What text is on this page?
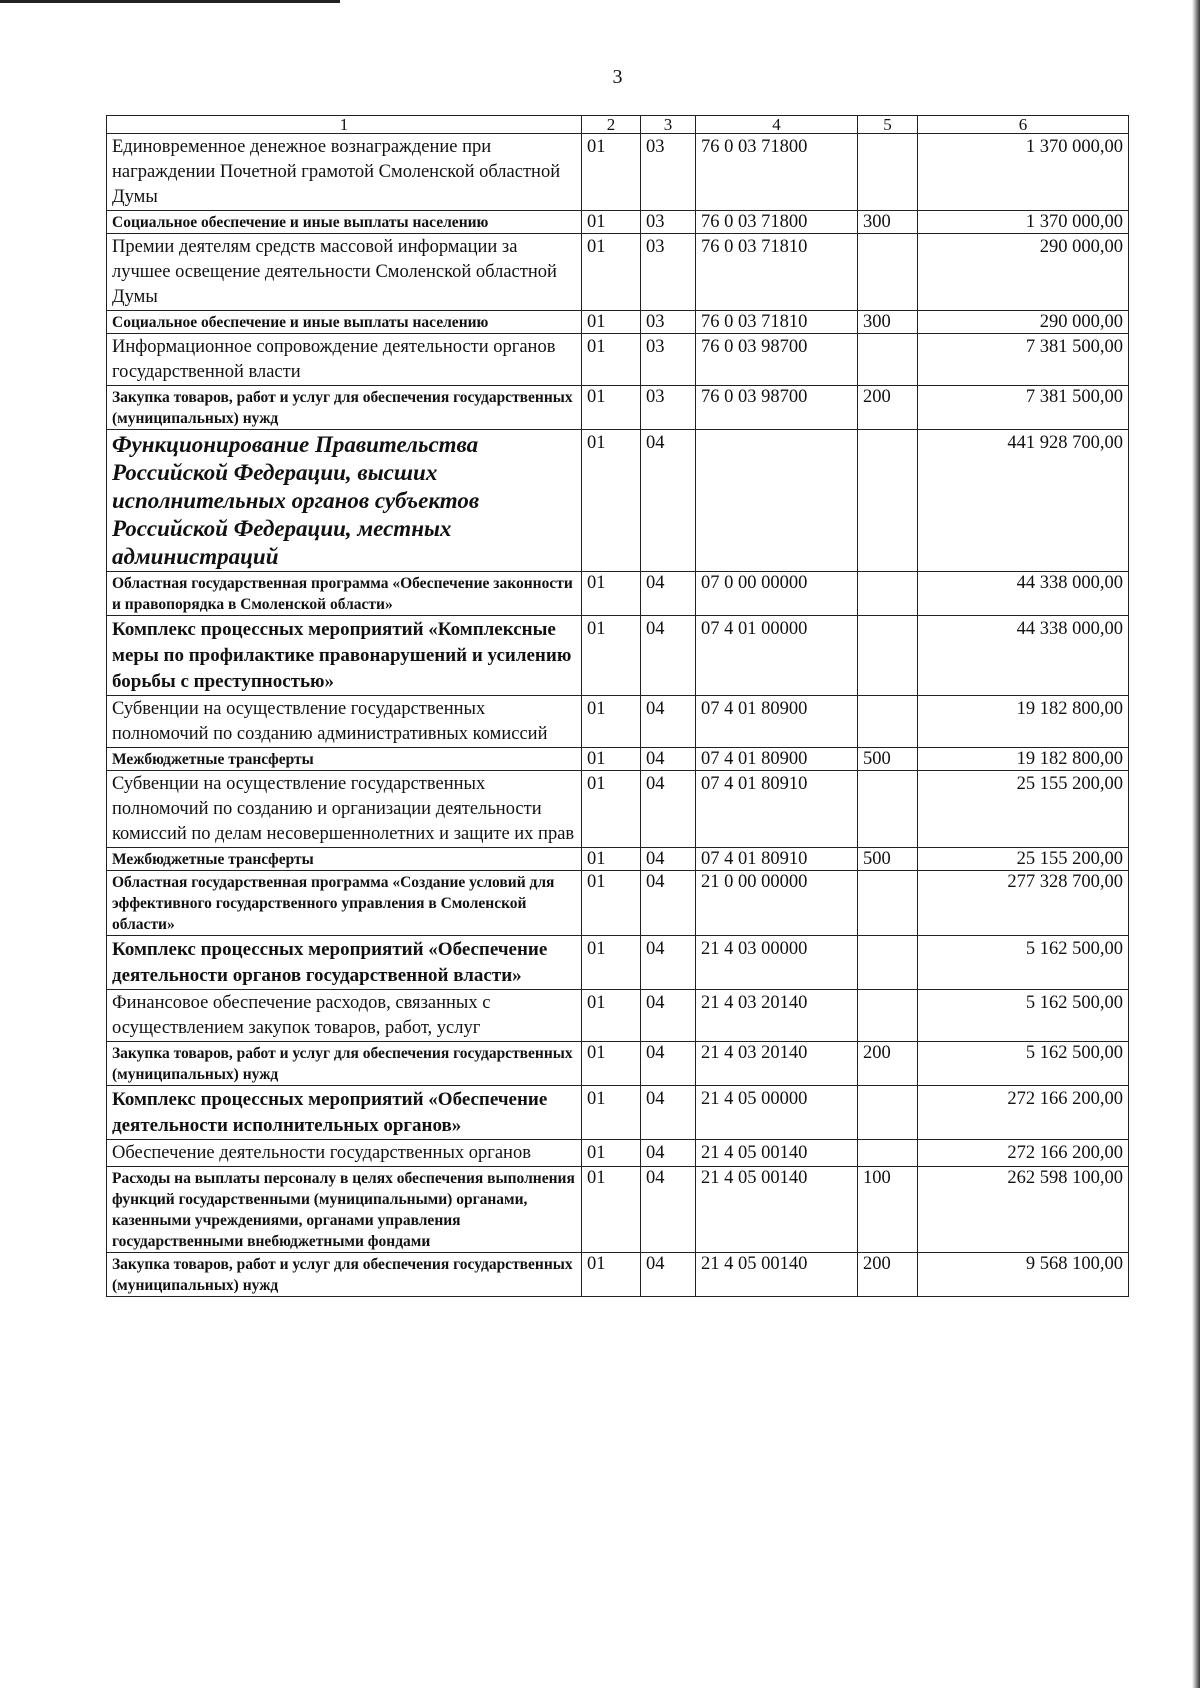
3
1	2	3	4	5	6
Единовременное денежное вознаграждение при награждении Почетной грамотой Смоленской областной Думы	01	03	76 0 03 71800		1 370 000,00
Социальное обеспечение и иные выплаты населению	01	03	76 0 03 71800	300	1 370 000,00
Премии деятелям средств массовой информации за лучшее освещение деятельности Смоленской областной Думы	01	03	76 0 03 71810		290 000,00
Социальное обеспечение и иные выплаты населению	01	03	76 0 03 71810	300	290 000,00
Информационное сопровождение деятельности органов государственной власти	01	03	76 0 03 98700		7 381 500,00
Закупка товаров, работ и услуг для обеспечения государственных (муниципальных) нужд	01	03	76 0 03 98700	200	7 381 500,00
Функционирование Правительства Российской Федерации, высших исполнительных органов субъектов Российской Федерации, местных администраций	01	04			441 928 700,00
Областная государственная программа «Обеспечение законности и правопорядка в Смоленской области»	01	04	07 0 00 00000		44 338 000,00
Комплекс процессных мероприятий «Комплексные меры по профилактике правонарушений и усилению борьбы с преступностью»	01	04	07 4 01 00000		44 338 000,00
Субвенции на осуществление государственных полномочий по созданию административных комиссий	01	04	07 4 01 80900		19 182 800,00
Межбюджетные трансферты	01	04	07 4 01 80900	500	19 182 800,00
Субвенции на осуществление государственных полномочий по созданию и организации деятельности комиссий по делам несовершеннолетних и защите их прав	01	04	07 4 01 80910		25 155 200,00
Межбюджетные трансферты	01	04	07 4 01 80910	500	25 155 200,00
Областная государственная программа «Создание условий для эффективного государственного управления в Смоленской области»	01	04	21 0 00 00000		277 328 700,00
Комплекс процессных мероприятий «Обеспечение деятельности органов государственной власти»	01	04	21 4 03 00000		5 162 500,00
Финансовое обеспечение расходов, связанных с осуществлением закупок товаров, работ, услуг	01	04	21 4 03 20140		5 162 500,00
Закупка товаров, работ и услуг для обеспечения государственных (муниципальных) нужд	01	04	21 4 03 20140	200	5 162 500,00
Комплекс процессных мероприятий «Обеспечение деятельности исполнительных органов»	01	04	21 4 05 00000		272 166 200,00
Обеспечение деятельности государственных органов	01	04	21 4 05 00140		272 166 200,00
Расходы на выплаты персоналу в целях обеспечения выполнения функций государственными (муниципальными) органами, казенными учреждениями, органами управления государственными внебюджетными фондами	01	04	21 4 05 00140	100	262 598 100,00
Закупка товаров, работ и услуг для обеспечения государственных (муниципальных) нужд	01	04	21 4 05 00140	200	9 568 100,00
